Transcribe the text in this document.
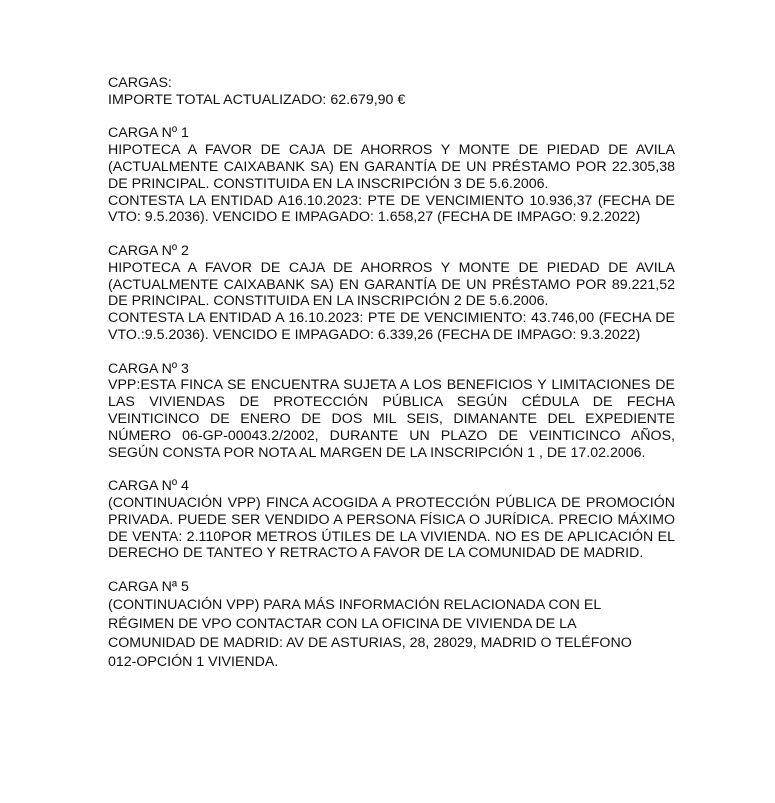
CARGAS:
IMPORTE TOTAL ACTUALIZADO: 62.679,90 €
CARGA Nº 1
HIPOTECA A FAVOR DE CAJA DE AHORROS Y MONTE DE PIEDAD DE AVILA (ACTUALMENTE CAIXABANK SA) EN GARANTÍA DE UN PRÉSTAMO POR 22.305,38 DE PRINCIPAL. CONSTITUIDA EN LA INSCRIPCIÓN 3 DE 5.6.2006.
CONTESTA LA ENTIDAD A16.10.2023: PTE DE VENCIMIENTO 10.936,37 (FECHA DE VTO: 9.5.2036). VENCIDO E IMPAGADO: 1.658,27 (FECHA DE IMPAGO: 9.2.2022)
CARGA Nº 2
HIPOTECA A FAVOR DE CAJA DE AHORROS Y MONTE DE PIEDAD DE AVILA (ACTUALMENTE CAIXABANK SA) EN GARANTÍA DE UN PRÉSTAMO POR 89.221,52 DE PRINCIPAL. CONSTITUIDA EN LA INSCRIPCIÓN 2 DE 5.6.2006.
CONTESTA LA ENTIDAD A 16.10.2023: PTE DE VENCIMIENTO: 43.746,00 (FECHA DE VTO.:9.5.2036). VENCIDO E IMPAGADO: 6.339,26 (FECHA DE IMPAGO: 9.3.2022)
CARGA Nº 3
VPP:ESTA FINCA SE ENCUENTRA SUJETA A LOS BENEFICIOS Y LIMITACIONES DE LAS VIVIENDAS DE PROTECCIÓN PÚBLICA SEGÚN CÉDULA DE FECHA VEINTICINCO DE ENERO DE DOS MIL SEIS, DIMANANTE DEL EXPEDIENTE NÚMERO 06-GP-00043.2/2002, DURANTE UN PLAZO DE VEINTICINCO AÑOS, SEGÚN CONSTA POR NOTA AL MARGEN DE LA INSCRIPCIÓN 1 , DE 17.02.2006.
CARGA Nº 4
(CONTINUACIÓN VPP) FINCA ACOGIDA A PROTECCIÓN PÚBLICA DE PROMOCIÓN PRIVADA. PUEDE SER VENDIDO A PERSONA FÍSICA O JURÍDICA. PRECIO MÁXIMO DE VENTA: 2.110POR METROS ÚTILES DE LA VIVIENDA. NO ES DE APLICACIÓN EL DERECHO DE TANTEO Y RETRACTO A FAVOR DE LA COMUNIDAD DE MADRID.
CARGA Nª 5
(CONTINUACIÓN VPP) PARA MÁS INFORMACIÓN RELACIONADA CON EL
RÉGIMEN DE VPO CONTACTAR CON LA OFICINA DE VIVIENDA DE LA
COMUNIDAD DE MADRID: AV DE ASTURIAS, 28, 28029, MADRID O TELÉFONO
012-OPCIÓN 1 VIVIENDA.
